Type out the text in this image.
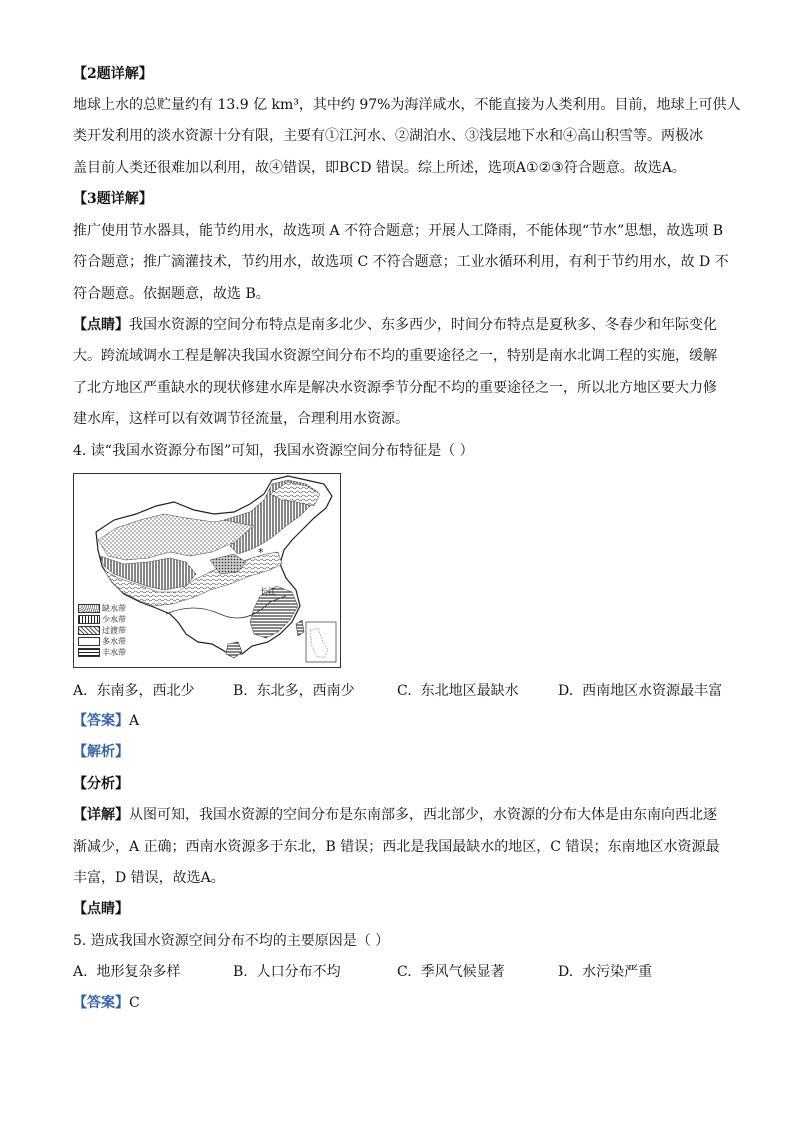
【2题详解】
地球上水的总贮量约有 13.9 亿 km³，其中约 97%为海洋咸水，不能直接为人类利用。目前，地球上可供人
类开发利用的淡水资源十分有限，主要有①江河水、②湖泊水、③浅层地下水和④高山积雪等。两极冰
盖目前人类还很难加以利用，故④错误，即BCD 错误。综上所述，选项A①②③符合题意。故选A。
【3题详解】
推广使用节水器具，能节约用水，故选项 A 不符合题意；开展人工降雨，不能体现“节水”思想，故选项 B
符合题意；推广滴灌技术，节约用水，故选项 C 不符合题意；工业水循环利用，有利于节约用水，故 D 不
符合题意。依据题意，故选 B。
【点睛】我国水资源的空间分布特点是南多北少、东多西少，时间分布特点是夏秋多、冬春少和年际变化
大。跨流域调水工程是解决我国水资源空间分布不均的重要途径之一，特别是南水北调工程的实施，缓解
了北方地区严重缺水的现状修建水库是解决水资源季节分配不均的重要途径之一，所以北方地区要大力修
建水库，这样可以有效调节径流量，合理利用水资源。
4. 读“我国水资源分布图”可知，我国水资源空间分布特征是（ ）
长江
*
缺水带
少水带
过渡带
多水带
丰水带
A. 东南多，西北少	B. 东北多，西南少	C. 东北地区最缺水	D. 西南地区水资源最丰富
【答案】A
【解析】
【分析】
【详解】从图可知，我国水资源的空间分布是东南部多，西北部少，水资源的分布大体是由东南向西北逐
渐减少，A 正确；西南水资源多于东北，B 错误；西北是我国最缺水的地区，C 错误；东南地区水资源最
丰富，D 错误，故选A。
【点睛】
5. 造成我国水资源空间分布不均的主要原因是（ ）
A. 地形复杂多样	B. 人口分布不均	C. 季风气候显著	D. 水污染严重
【答案】C
